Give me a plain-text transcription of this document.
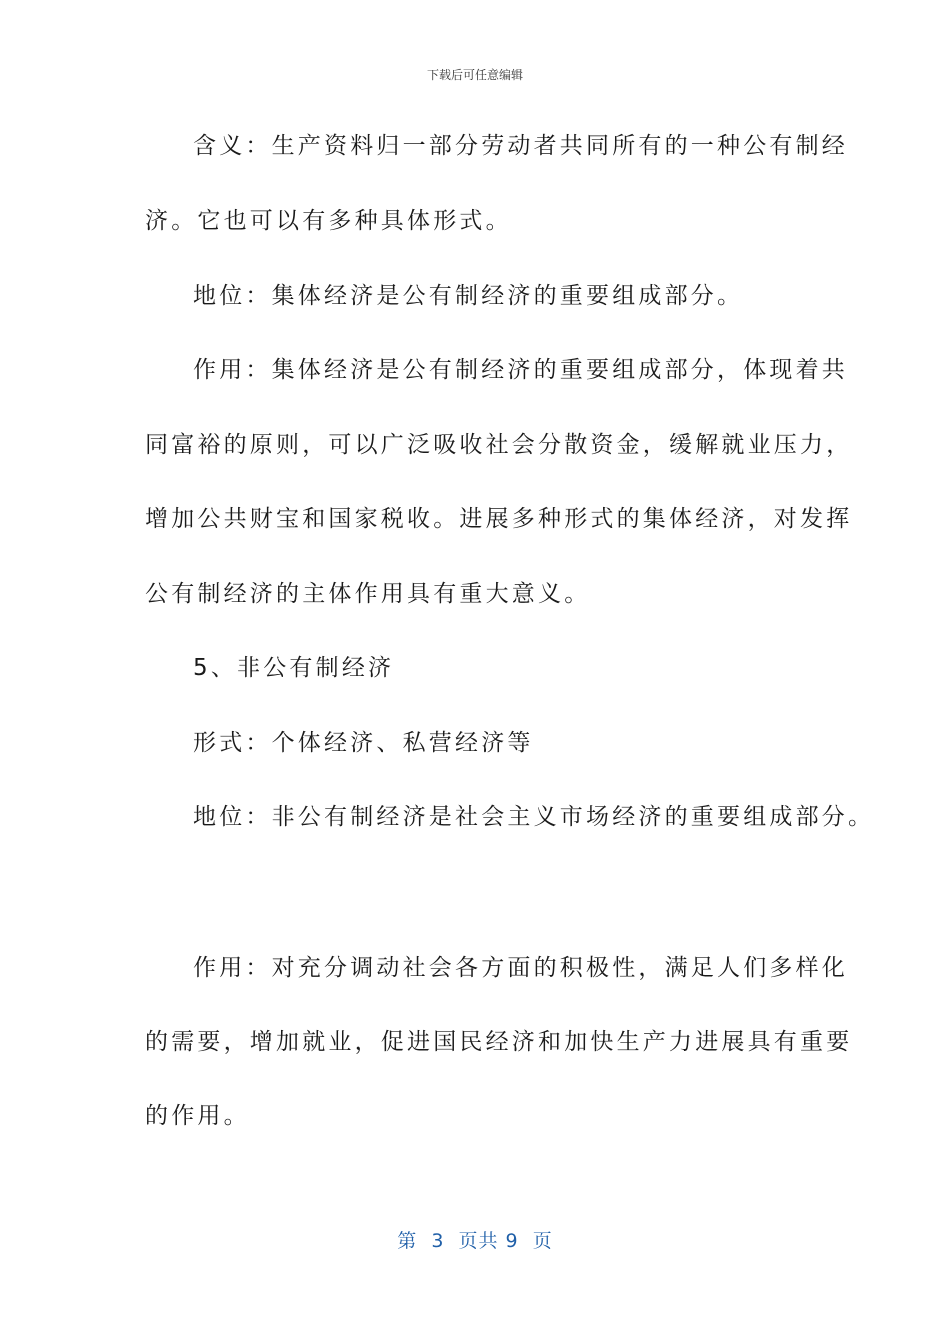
下载后可任意编辑
含义：生产资料归一部分劳动者共同所有的一种公有制经
济。它也可以有多种具体形式。
地位：集体经济是公有制经济的重要组成部分。
作用：集体经济是公有制经济的重要组成部分，体现着共
同富裕的原则，可以广泛吸收社会分散资金，缓解就业压力，
增加公共财宝和国家税收。进展多种形式的集体经济，对发挥
公有制经济的主体作用具有重大意义。
5、非公有制经济
形式：个体经济、私营经济等
地位：非公有制经济是社会主义市场经济的重要组成部分。
作用：对充分调动社会各方面的积极性，满足人们多样化
的需要，增加就业，促进国民经济和加快生产力进展具有重要
的作用。
第  3  页共 9  页
